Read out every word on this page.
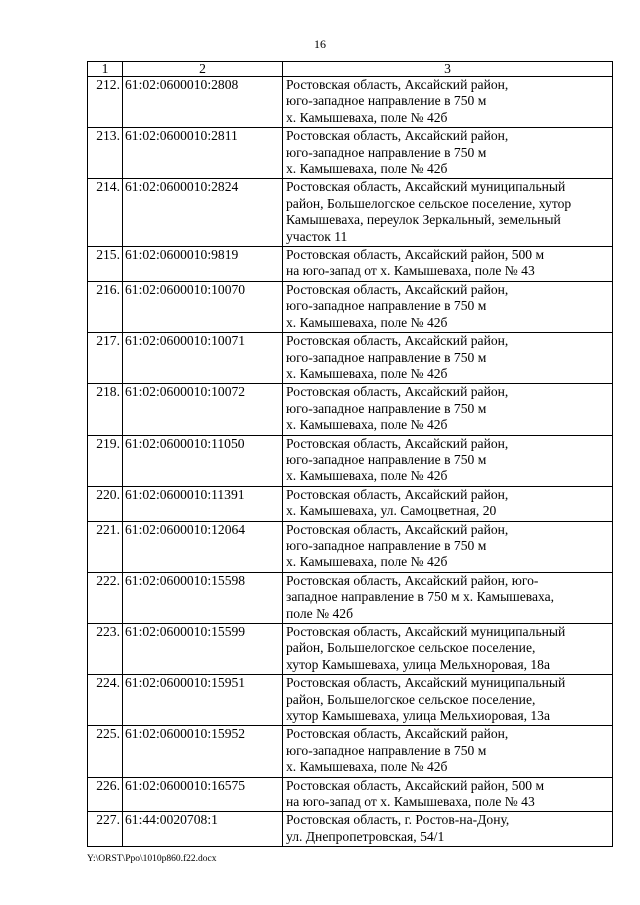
16
1	2	3
212.	61:02:0600010:2808	Ростовская область, Аксайский район,
юго-западное направление в 750 м
х. Камышеваха, поле № 42б

213.	61:02:0600010:2811	Ростовская область, Аксайский район,
юго-западное направление в 750 м
х. Камышеваха, поле № 42б

214.	61:02:0600010:2824	Ростовская область, Аксайский муниципальный
район, Большелогское сельское поселение, хутор
Камышеваха, переулок Зеркальный, земельный
участок 11

215.	61:02:0600010:9819	Ростовская область, Аксайский район, 500 м
на юго-запад от х. Камышеваха, поле № 43

216.	61:02:0600010:10070	Ростовская область, Аксайский район,
юго-западное направление в 750 м
х. Камышеваха, поле № 42б

217.	61:02:0600010:10071	Ростовская область, Аксайский район,
юго-западное направление в 750 м
х. Камышеваха, поле № 42б

218.	61:02:0600010:10072	Ростовская область, Аксайский район,
юго-западное направление в 750 м
х. Камышеваха, поле № 42б

219.	61:02:0600010:11050	Ростовская область, Аксайский район,
юго-западное направление в 750 м
х. Камышеваха, поле № 42б

220.	61:02:0600010:11391	Ростовская область, Аксайский район,
х. Камышеваха, ул. Самоцветная, 20

221.	61:02:0600010:12064	Ростовская область, Аксайский район,
юго-западное направление в 750 м
х. Камышеваха, поле № 42б

222.	61:02:0600010:15598	Ростовская область, Аксайский район, юго-
западное направление в 750 м х. Камышеваха,
поле № 42б

223.	61:02:0600010:15599	Ростовская область, Аксайский муниципальный
район, Большелогское сельское поселение,
хутор Камышеваха, улица Мельхноровая, 18а

224.	61:02:0600010:15951	Ростовская область, Аксайский муниципальный
район, Большелогское сельское поселение,
хутор Камышеваха, улица Мельхиоровая, 13а

225.	61:02:0600010:15952	Ростовская область, Аксайский район,
юго-западное направление в 750 м
х. Камышеваха, поле № 42б

226.	61:02:0600010:16575	Ростовская область, Аксайский район, 500 м
на юго-запад от х. Камышеваха, поле № 43

227.	61:44:0020708:1	Ростовская область, г. Ростов-на-Дону,
ул. Днепропетровская, 54/1
Y:\ORST\Ppo\1010p860.f22.docx
